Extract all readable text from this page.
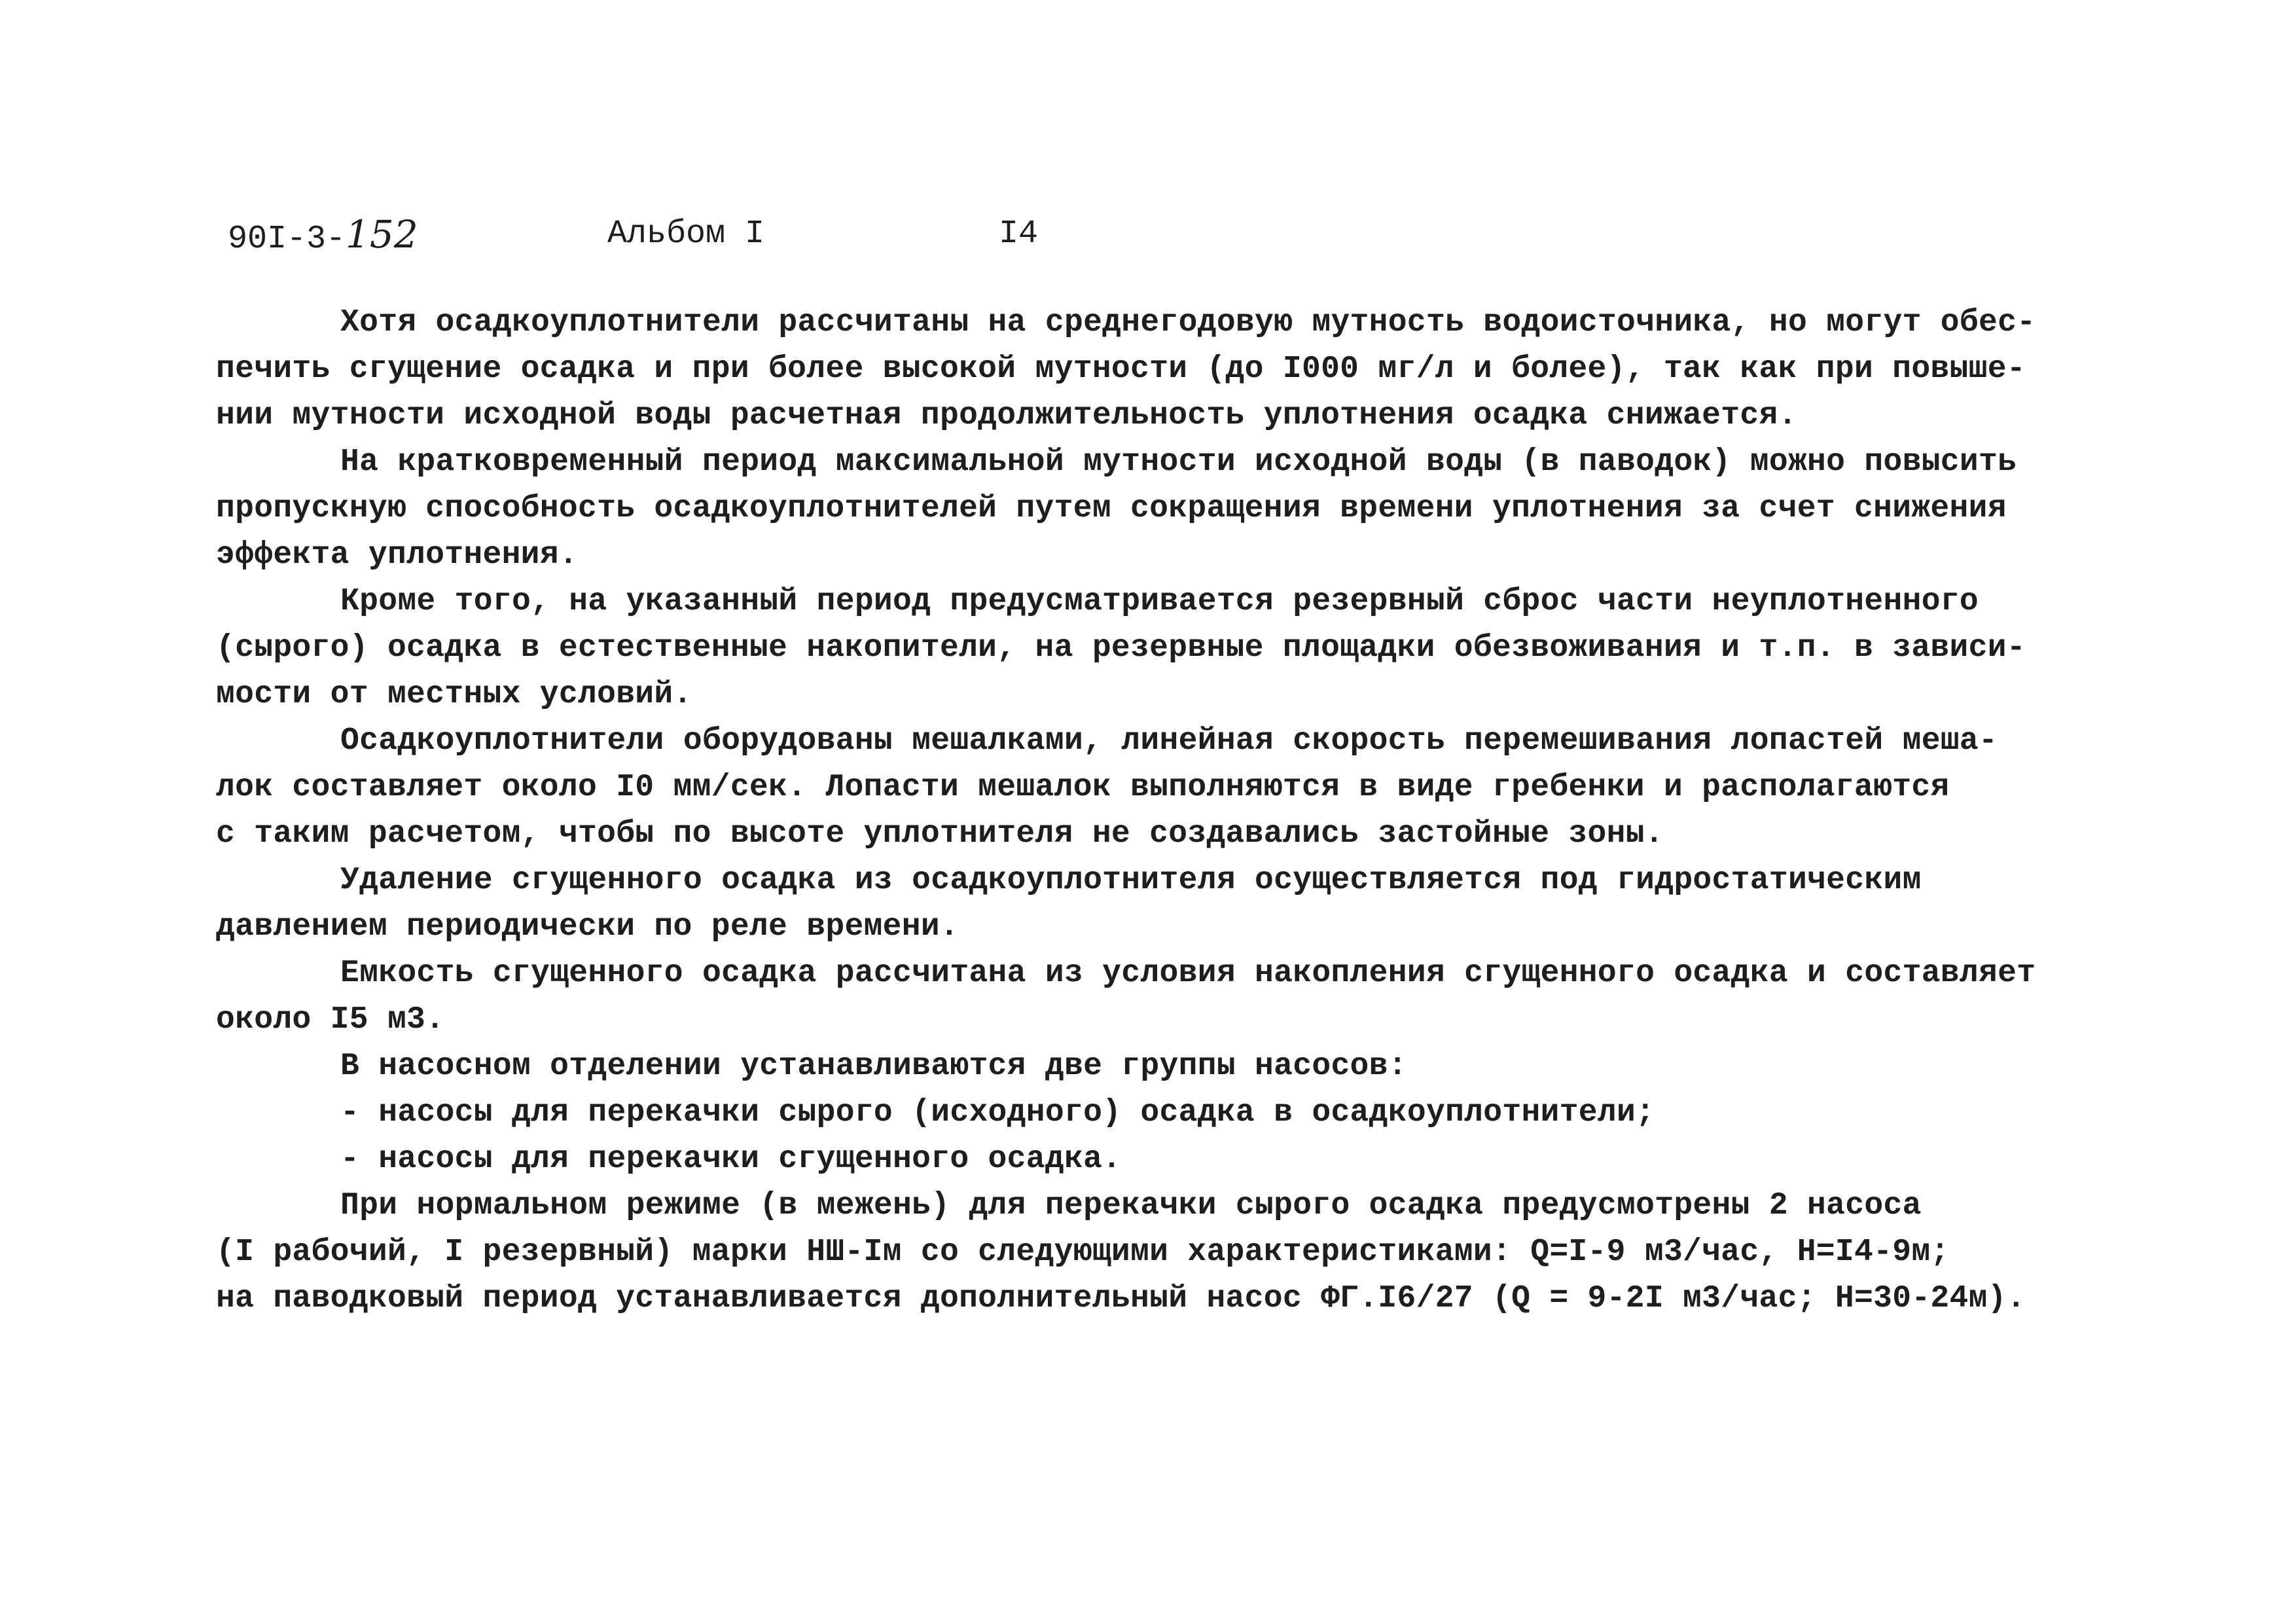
90I-3-152	Альбом I	I4
Хотя осадкоуплотнители рассчитаны на среднегодовую мутность водоисточника, но могут обес-
печить сгущение осадка и при более высокой мутности (до I000 мг/л и более), так как при повыше-
нии мутности исходной воды расчетная продолжительность уплотнения осадка снижается.
На кратковременный период максимальной мутности исходной воды (в паводок) можно повысить
пропускную способность осадкоуплотнителей путем сокращения времени уплотнения за счет снижения
эффекта уплотнения.
Кроме того, на указанный период предусматривается резервный сброс части неуплотненного
(сырого) осадка в естественные накопители, на резервные площадки обезвоживания и т.п. в зависи-
мости от местных условий.
Осадкоуплотнители оборудованы мешалками, линейная скорость перемешивания лопастей меша-
лок составляет около I0 мм/сек. Лопасти мешалок выполняются в виде гребенки и располагаются
с таким расчетом, чтобы по высоте уплотнителя не создавались застойные зоны.
Удаление сгущенного осадка из осадкоуплотнителя осуществляется под гидростатическим
давлением периодически по реле времени.
Емкость сгущенного осадка рассчитана из условия накопления сгущенного осадка и составляет
около I5 м3.
В насосном отделении устанавливаются две группы насосов:
- насосы для перекачки сырого (исходного) осадка в осадкоуплотнители;
- насосы для перекачки сгущенного осадка.
При нормальном режиме (в межень) для перекачки сырого осадка предусмотрены 2 насоса
(I рабочий, I резервный) марки НШ-Iм со следующими характеристиками: Q=I-9 м3/час, Н=I4-9м;
на паводковый период устанавливается дополнительный насос ФГ.I6/27 (Q = 9-2I м3/час; Н=30-24м).
